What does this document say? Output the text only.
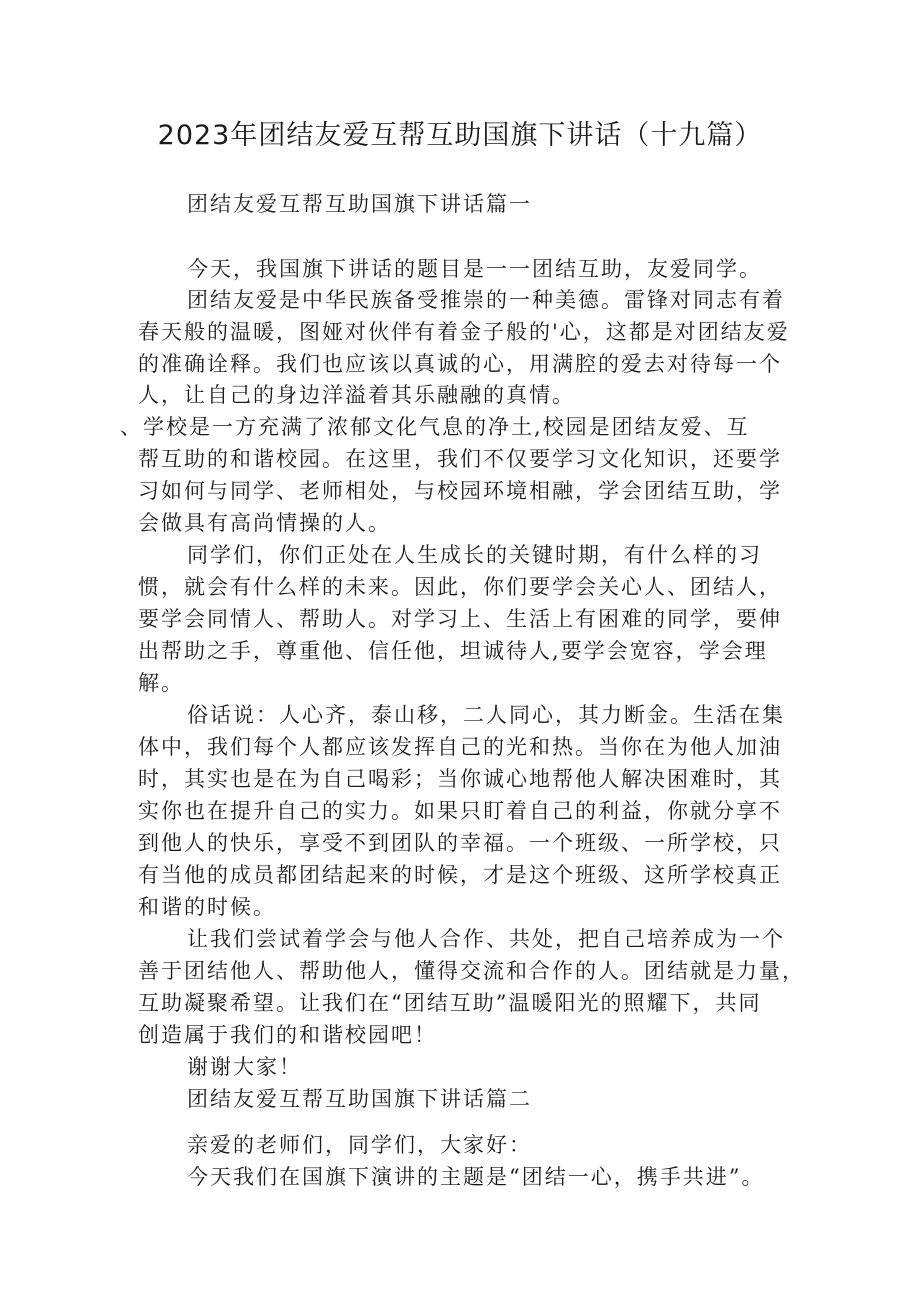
2023年团结友爱互帮互助国旗下讲话（十九篇）

团结友爱互帮互助国旗下讲话篇一

今天，我国旗下讲话的题目是一一团结互助，友爱同学。

团结友爱是中华民族备受推崇的一种美德。雷锋对同志有着

春天般的温暖，图娅对伙伴有着金子般的'心，这都是对团结友爱

的准确诠释。我们也应该以真诚的心，用满腔的爱去对待每一个

人，让自己的身边洋溢着其乐融融的真情。

、学校是一方充满了浓郁文化气息的净土,校园是团结友爱、互

帮互助的和谐校园。在这里，我们不仅要学习文化知识，还要学

习如何与同学、老师相处，与校园环境相融，学会团结互助，学

会做具有高尚情操的人。

同学们，你们正处在人生成长的关键时期，有什么样的习

惯，就会有什么样的未来。因此，你们要学会关心人、团结人，

要学会同情人、帮助人。对学习上、生活上有困难的同学，要伸

出帮助之手，尊重他、信任他，坦诚待人,要学会宽容，学会理

解。

俗话说：人心齐，泰山移，二人同心，其力断金。生活在集

体中，我们每个人都应该发挥自己的光和热。当你在为他人加油

时，其实也是在为自己喝彩；当你诚心地帮他人解决困难时，其

实你也在提升自己的实力。如果只盯着自己的利益，你就分享不

到他人的快乐，享受不到团队的幸福。一个班级、一所学校，只

有当他的成员都团结起来的时候，才是这个班级、这所学校真正

和谐的时候。

让我们尝试着学会与他人合作、共处，把自己培养成为一个

善于团结他人、帮助他人，懂得交流和合作的人。团结就是力量，

互助凝聚希望。让我们在“团结互助”温暖阳光的照耀下，共同

创造属于我们的和谐校园吧！

谢谢大家！

团结友爱互帮互助国旗下讲话篇二

亲爱的老师们，同学们，大家好：

今天我们在国旗下演讲的主题是“团结一心，携手共进”。
